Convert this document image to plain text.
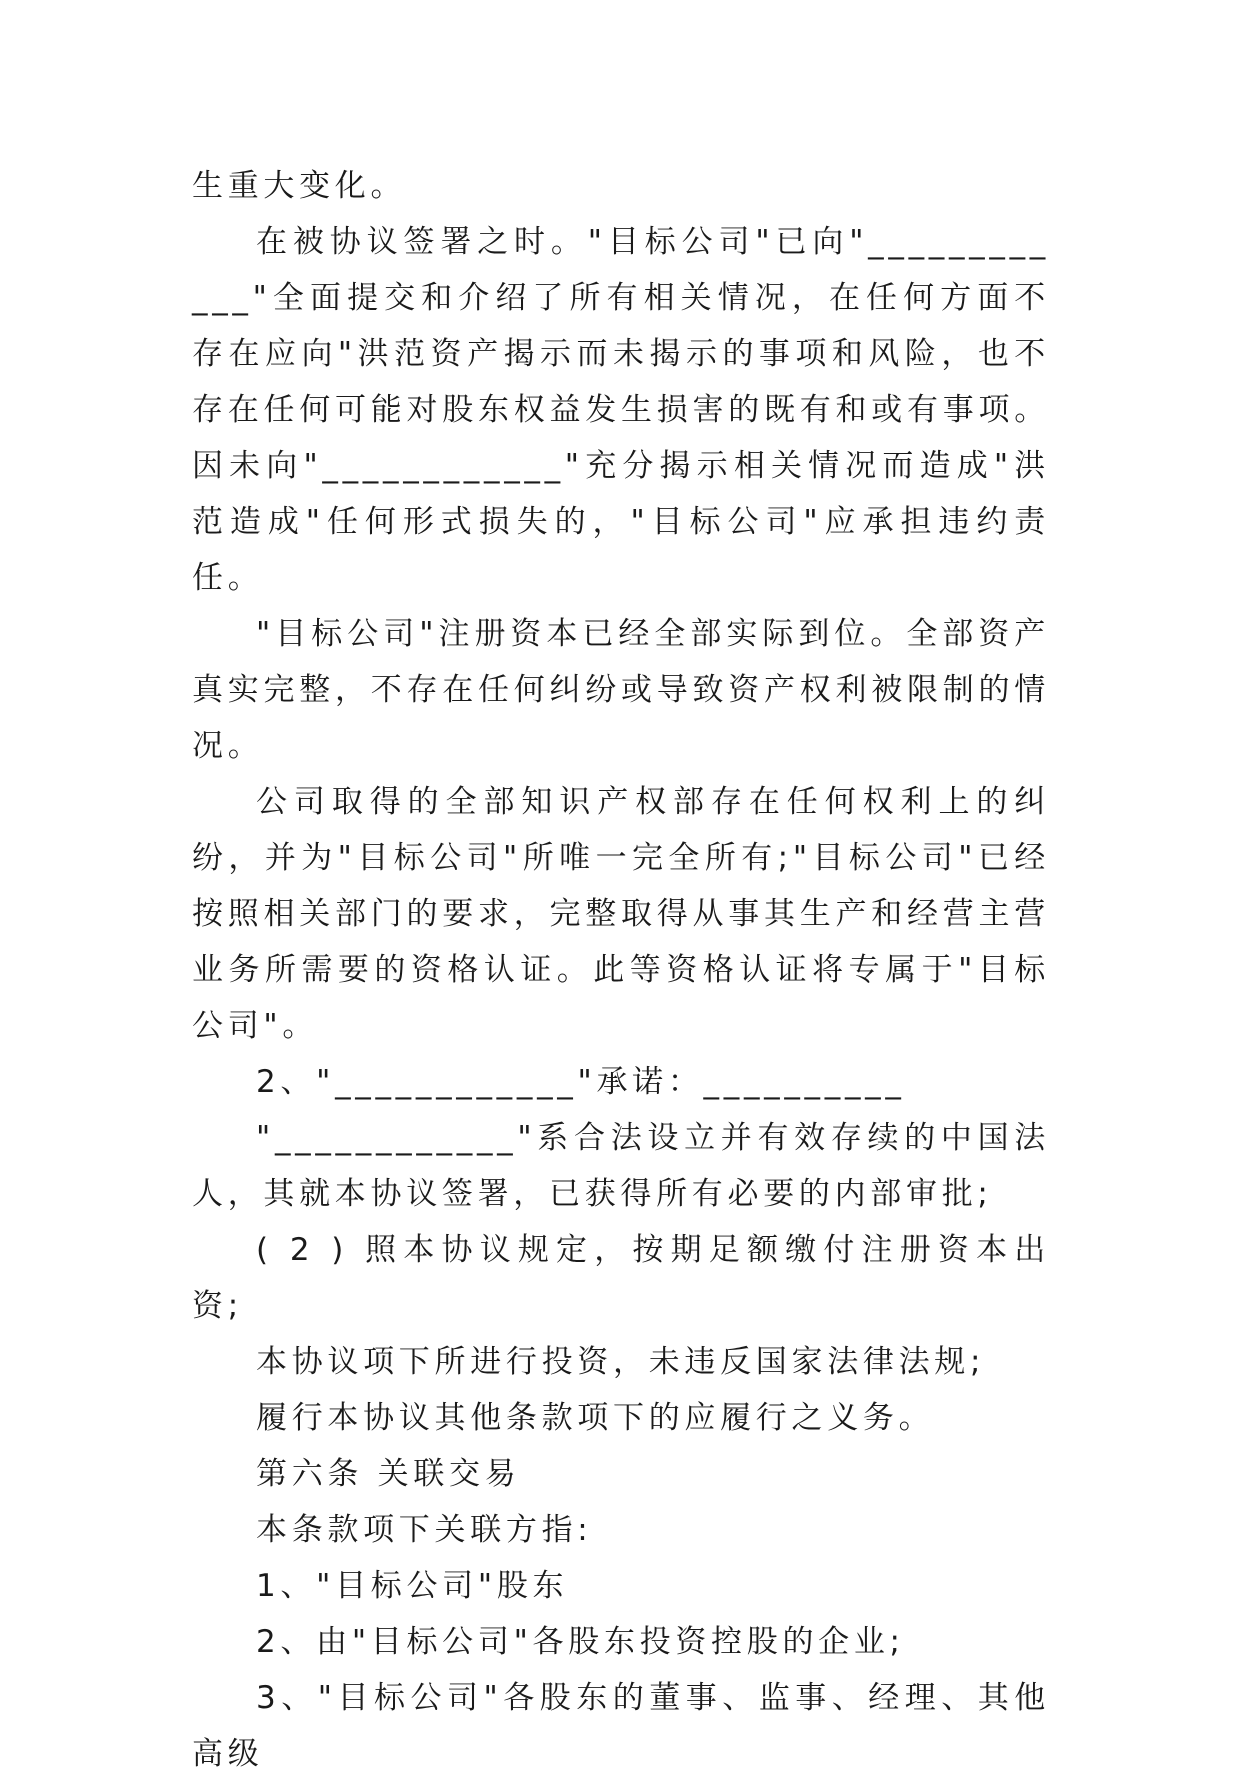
生重大变化。

在被协议签署之时。"目标公司"已向"____________"全面提交和介绍了所有相关情况，在任何方面不存在应向"洪范资产揭示而未揭示的事项和风险，也不存在任何可能对股东权益发生损害的既有和或有事项。因未向"____________"充分揭示相关情况而造成"洪范造成"任何形式损失的，"目标公司"应承担违约责任。

"目标公司"注册资本已经全部实际到位。全部资产真实完整，不存在任何纠纷或导致资产权利被限制的情况。

公司取得的全部知识产权部存在任何权利上的纠纷，并为"目标公司"所唯一完全所有;"目标公司"已经按照相关部门的要求，完整取得从事其生产和经营主营业务所需要的资格认证。此等资格认证将专属于"目标公司"。

2、"____________"承诺：__________

"____________"系合法设立并有效存续的中国法人，其就本协议签署，已获得所有必要的内部审批;

( 2 ) 照本协议规定，按期足额缴付注册资本出资;

本协议项下所进行投资，未违反国家法律法规;

履行本协议其他条款项下的应履行之义务。

第六条 关联交易

本条款项下关联方指:

1、"目标公司"股东

2、由"目标公司"各股东投资控股的企业;

3、"目标公司"各股东的董事、监事、经理、其他高级
